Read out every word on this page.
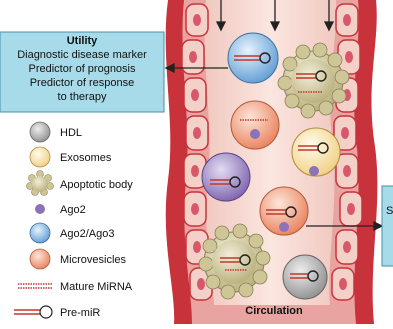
Utility
Diagnostic disease marker
Predictor of prognosis
Predictor of response
to therapy
S
HDL
Exosomes
Apoptotic body
Ago2
Ago2/Ago3
Microvesicles
Mature MiRNA
Pre-miR	Circulation
